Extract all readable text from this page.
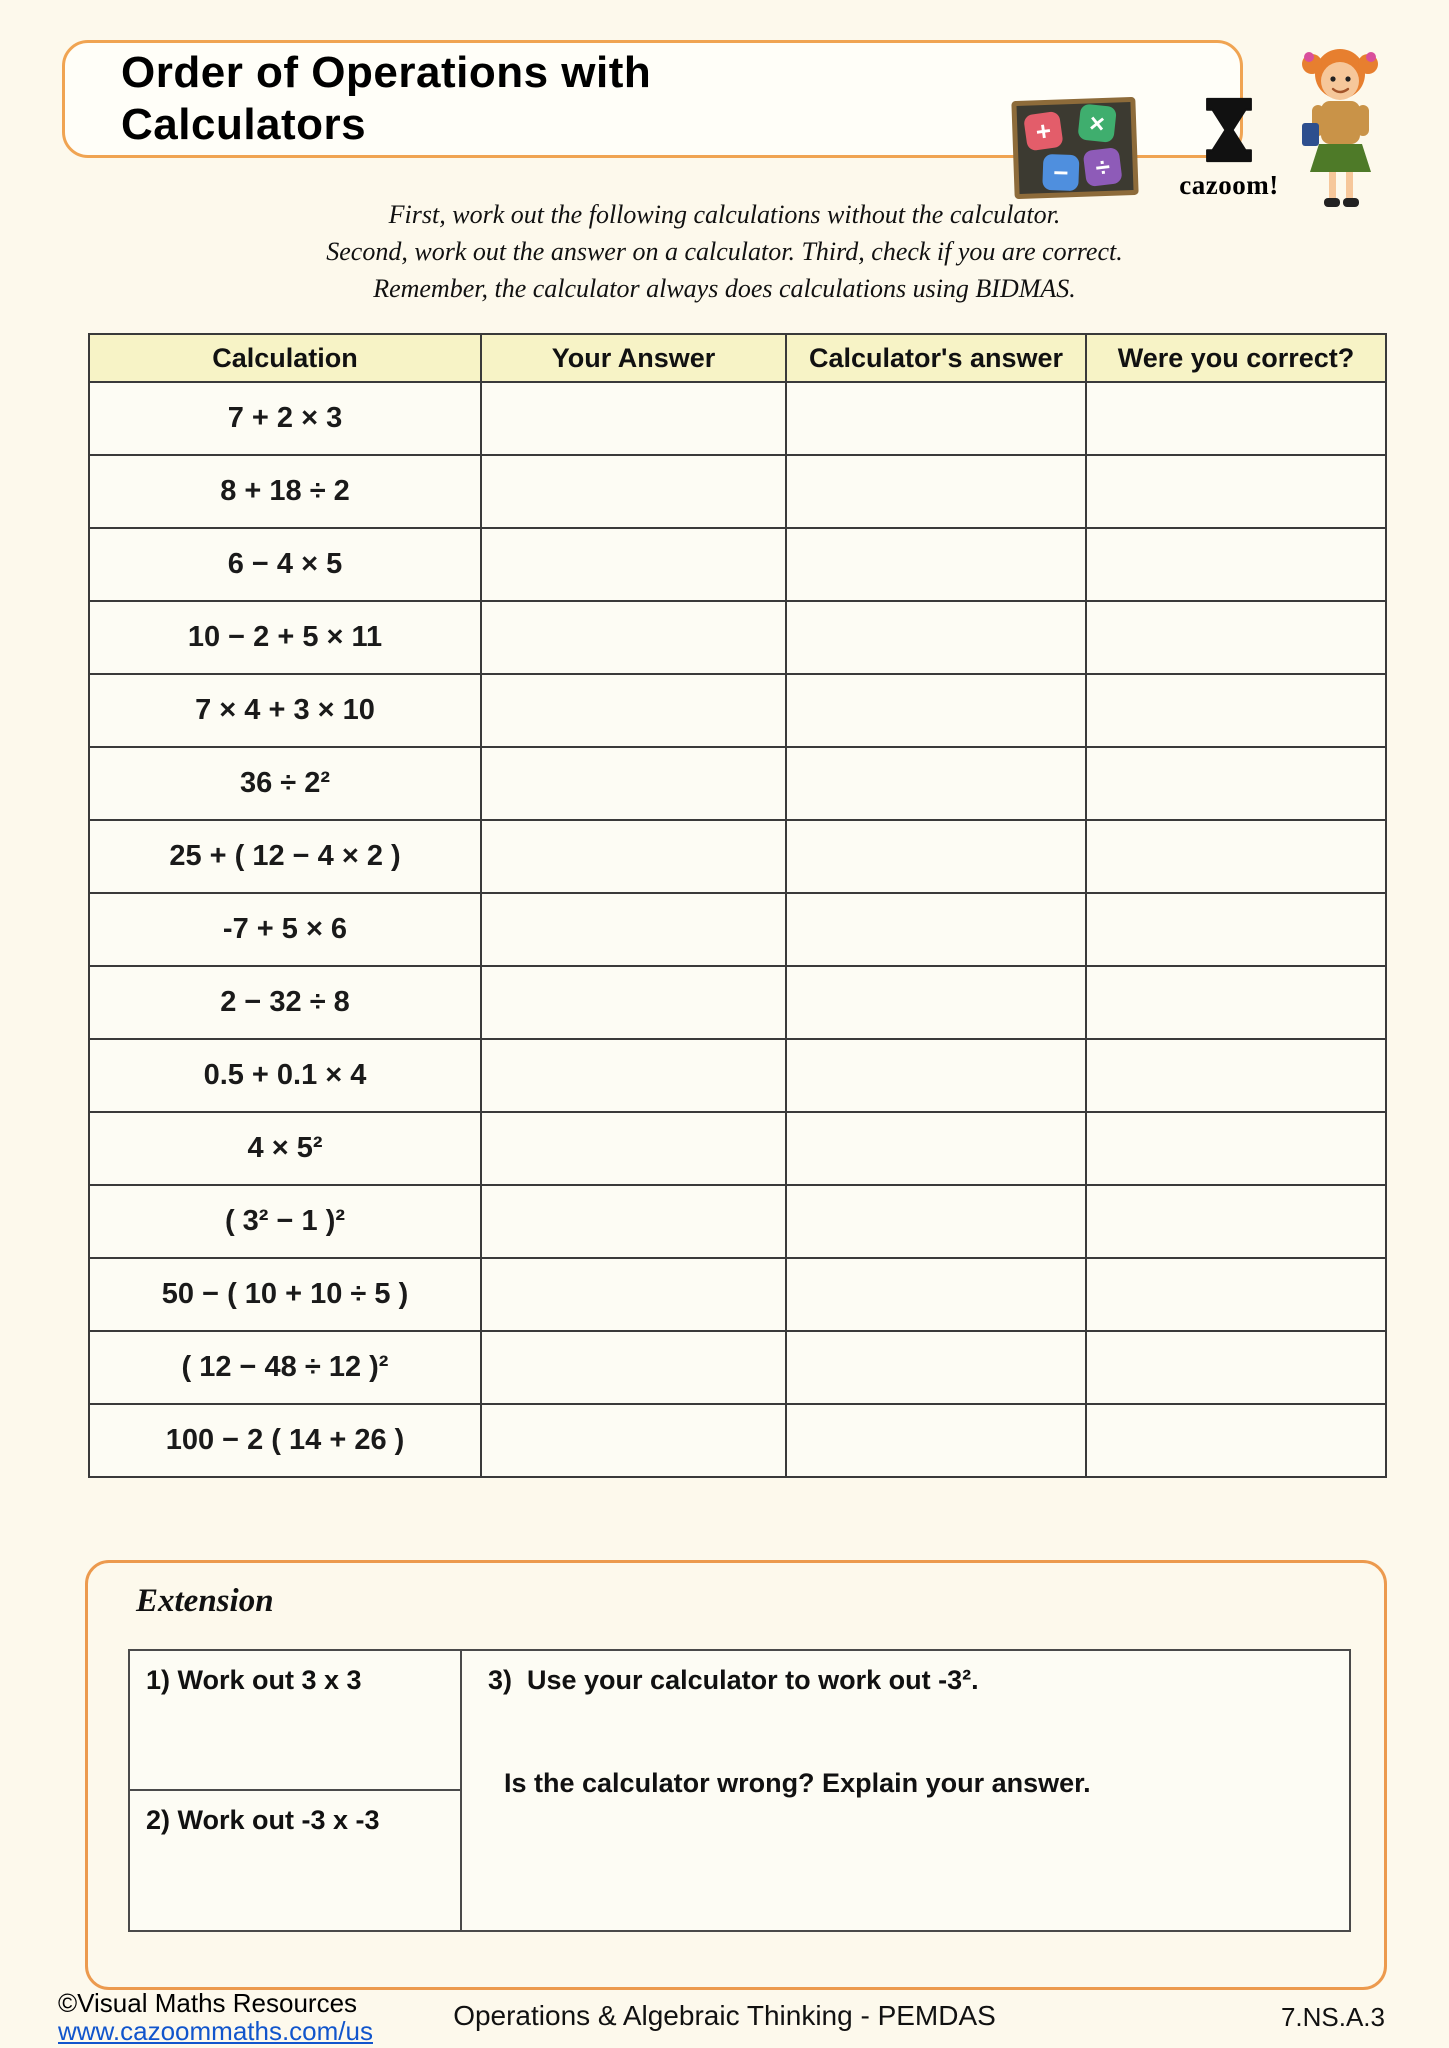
Order of Operations with Calculators	+	×
− ÷
cazoom!
First, work out the following calculations without the calculator.
Second, work out the answer on a calculator. Third, check if you are correct.
Remember, the calculator always does calculations using BIDMAS.
Calculation	Your Answer	Calculator's answer	Were you correct?
7 + 2 × 3			
8 + 18 ÷ 2			
6 − 4 × 5			
10 − 2 + 5 × 11			
7 × 4 + 3 × 10			
36 ÷ 2²			
25 + ( 12 − 4 × 2 )			
-7 + 5 × 6			
2 − 32 ÷ 8			
0.5 + 0.1 × 4			
4 × 5²			
( 3² − 1 )²			
50 − ( 10 + 10 ÷ 5 )			
( 12 − 48 ÷ 12 )²			
100 − 2 ( 14 + 26 )			
Extension
1) Work out 3 x 3
2) Work out -3 x -3
3)  Use your calculator to work out -3².
Is the calculator wrong? Explain your answer.
©Visual Maths Resources
www.cazoommaths.com/us	Operations & Algebraic Thinking - PEMDAS	7.NS.A.3
